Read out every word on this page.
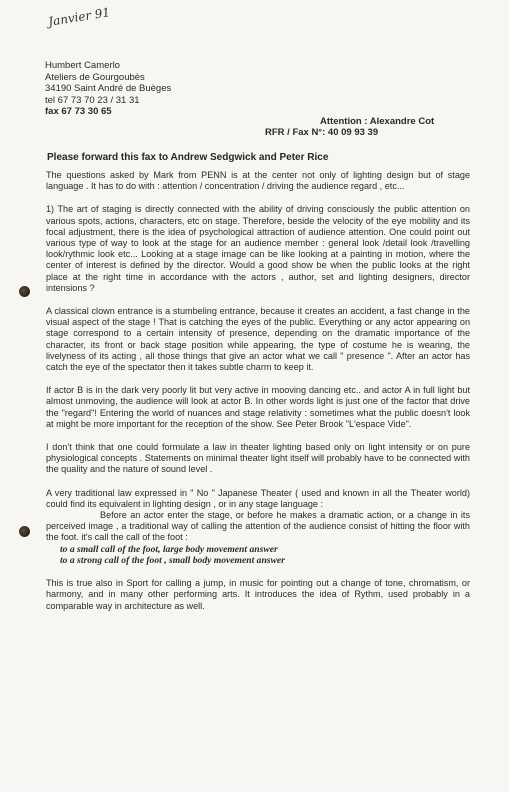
Janvier 91
Humbert Camerlo
Ateliers de Gourgoubès
34190 Saint André de Buèges
tel 67 73 70 23 / 31 31
fax 67 73 30 65
Attention : Alexandre Cot
RFR / Fax N°: 40 09 93 39
Please forward this fax to Andrew Sedgwick and Peter Rice

The questions asked by Mark from PENN is at the center not only of lighting design but of stage language . It has to do with : attention / concentration / driving the audience regard , etc...

1) The art of staging is directly connected with the ability of driving consciously the public attention on various spots, actions, characters, etc on stage. Therefore, beside the velocity of the eye mobility and its focal adjustment, there is the idea of psychological attraction of audience attention. One could point out various type of way to look at the stage for an audience member : general look /detail look /travelling look/rythmic look etc... Looking at a stage image can be like looking at a painting in motion, where the center of interest is defined by the director. Would a good show be when the public looks at the right place at the right time in accordance with the actors , author, set and lighting designers, director intensions ?

A classical clown entrance is a stumbeling entrance, because it creates an accident, a fast change in the visual aspect of the stage ! That is catching the eyes of the public. Everything or any actor appearing on stage correspond to a certain intensity of presence, depending on the dramatic importance of the character, its front or back stage position while appearing, the type of costume he is wearing, the livelyness of its acting , all those things that give an actor what we call " presence ". After an actor has catch the eye of the spectator then it takes subtle charm to keep it.

If actor B is in the dark very poorly lit but very active in mooving dancing etc.. and actor A in full light but almost unmoving, the audience will look at actor B. In other words light is just one of the factor that drive the "regard"! Entering the world of nuances and stage relativity : sometimes what the public doesn't look at might be more important for the reception of the show. See Peter Brook "L'espace Vide".

I don't think that one could formulate a law in theater lighting based only on light intensity or on pure physiological concepts . Statements on minimal theater light itself will probably have to be connected with the quality and the nature of sound level .

A very traditional law expressed in " No " Japanese Theater ( used and known in all the Theater world) could find its equivalent in lighting design , or in any stage language :
Before an actor enter the stage, or before he makes a dramatic action, or a change in its perceived image , a traditional way of calling the attention of the audience consist of hitting the floor with the foot. it's call the call of the foot :
to a small call of the foot, large body movement answer
to a strong call of the foot , small body movement answer

This is true also in Sport for calling a jump, in music for pointing out a change of tone, chromatism, or harmony, and in many other performing arts. It introduces the idea of Rythm, used probably in a comparable way in architecture as well.
